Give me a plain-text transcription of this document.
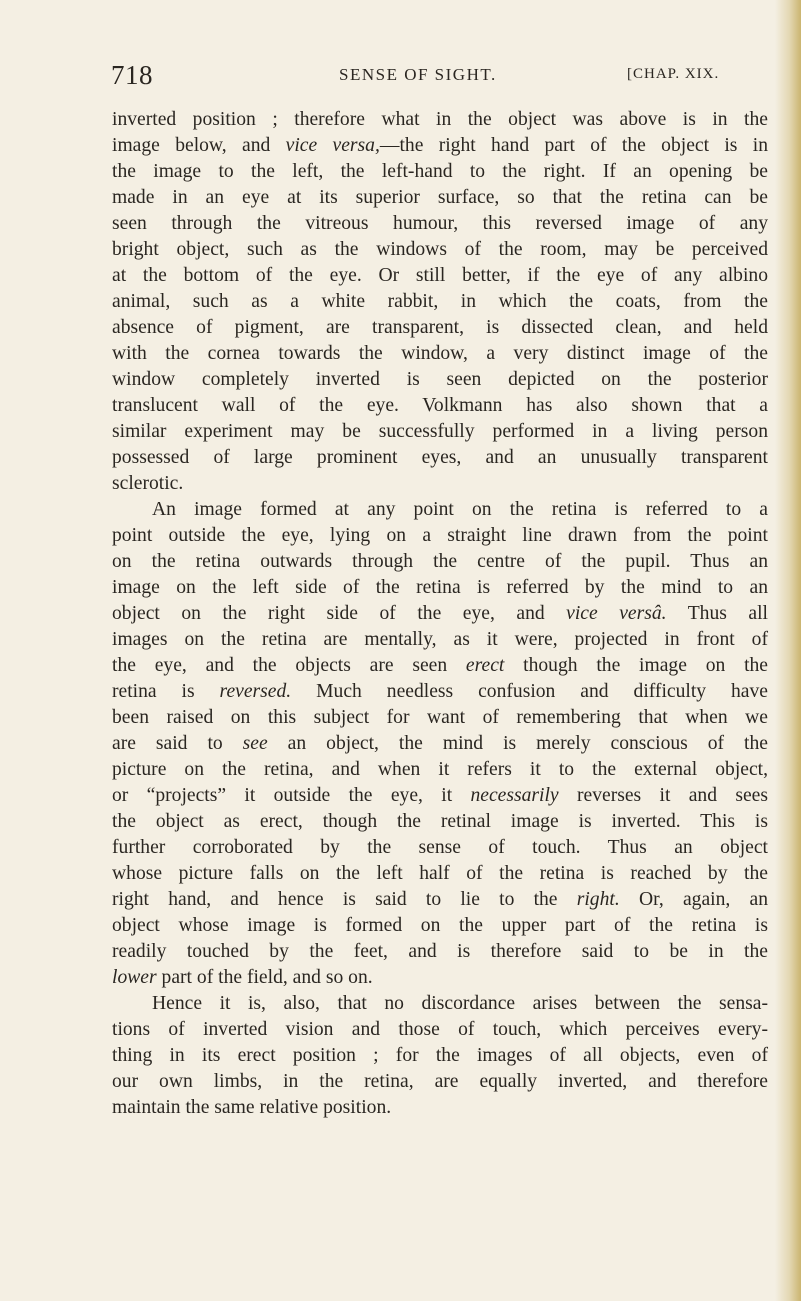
718	SENSE OF SIGHT.	[CHAP. XIX.
inverted position ; therefore what in the object was above is in the
image below, and vice versa,—the right hand part of the object is in
the image to the left, the left-hand to the right. If an opening be
made in an eye at its superior surface, so that the retina can be
seen through the vitreous humour, this reversed image of any
bright object, such as the windows of the room, may be perceived
at the bottom of the eye. Or still better, if the eye of any albino
animal, such as a white rabbit, in which the coats, from the
absence of pigment, are transparent, is dissected clean, and held
with the cornea towards the window, a very distinct image of the
window completely inverted is seen depicted on the posterior
translucent wall of the eye. Volkmann has also shown that a
similar experiment may be successfully performed in a living person
possessed of large prominent eyes, and an unusually transparent
sclerotic.
An image formed at any point on the retina is referred to a
point outside the eye, lying on a straight line drawn from the point
on the retina outwards through the centre of the pupil. Thus an
image on the left side of the retina is referred by the mind to an
object on the right side of the eye, and vice versâ. Thus all
images on the retina are mentally, as it were, projected in front of
the eye, and the objects are seen erect though the image on the
retina is reversed. Much needless confusion and difficulty have
been raised on this subject for want of remembering that when we
are said to see an object, the mind is merely conscious of the
picture on the retina, and when it refers it to the external object,
or “projects” it outside the eye, it necessarily reverses it and sees
the object as erect, though the retinal image is inverted. This is
further corroborated by the sense of touch. Thus an object
whose picture falls on the left half of the retina is reached by the
right hand, and hence is said to lie to the right. Or, again, an
object whose image is formed on the upper part of the retina is
readily touched by the feet, and is therefore said to be in the
lower part of the field, and so on.
Hence it is, also, that no discordance arises between the sensa-
tions of inverted vision and those of touch, which perceives every-
thing in its erect position ; for the images of all objects, even of
our own limbs, in the retina, are equally inverted, and therefore
maintain the same relative position.
